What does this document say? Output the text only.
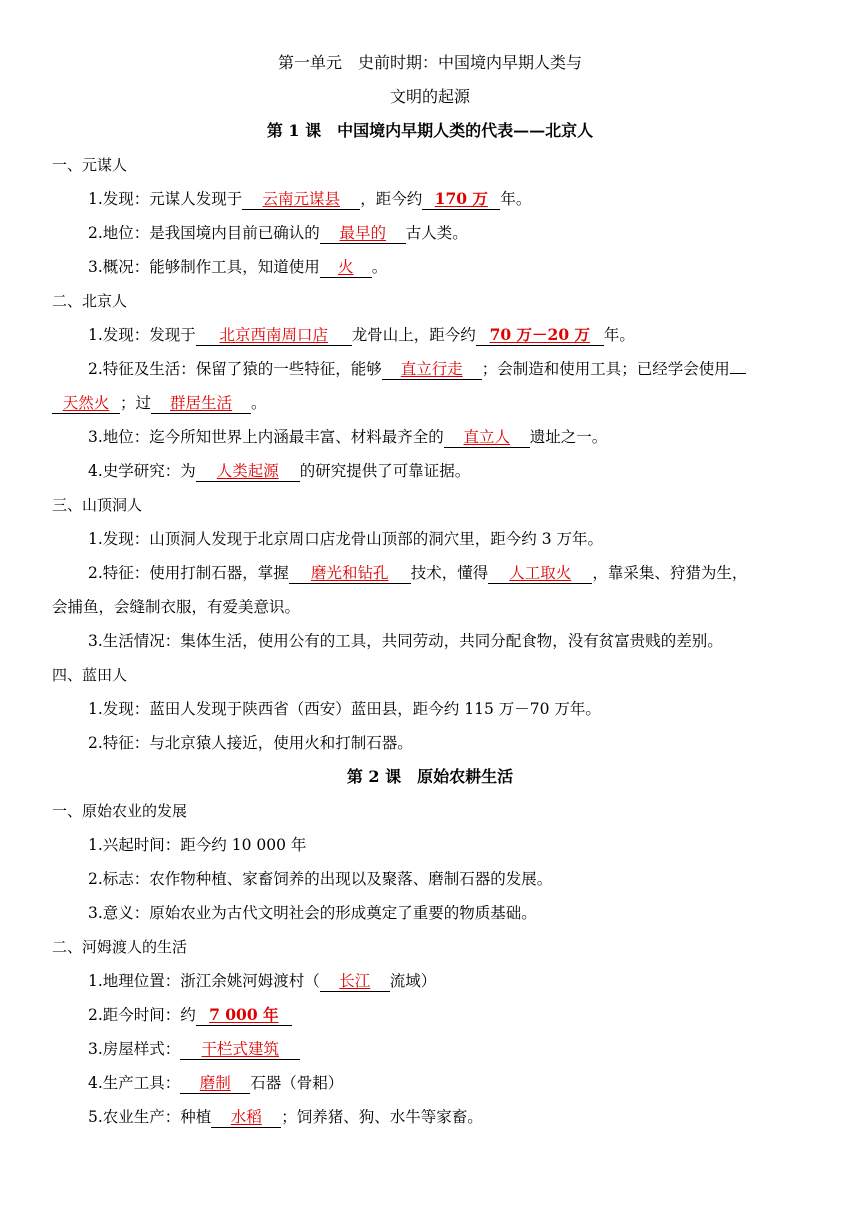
第一单元　史前时期：中国境内早期人类与
文明的起源
第 1 课　中国境内早期人类的代表——北京人
一、元谋人
1.发现：元谋人发现于 云南元谋县 ，距今约 170 万 年。
2.地位：是我国境内目前已确认的 最早的 古人类。
3.概况：能够制作工具，知道使用 火 。
二、北京人
1.发现：发现于 北京西南周口店 龙骨山上，距今约 70 万－20 万 年。
2.特征及生活：保留了猿的一些特征，能够 直立行走 ；会制造和使用工具；已经学会使用
天然火 ；过 群居生活 。
3.地位：迄今所知世界上内涵最丰富、材料最齐全的 直立人 遗址之一。
4.史学研究：为 人类起源 的研究提供了可靠证据。
三、山顶洞人
1.发现：山顶洞人发现于北京周口店龙骨山顶部的洞穴里，距今约 3 万年。
2.特征：使用打制石器，掌握 磨光和钻孔 技术，懂得 人工取火 ，靠采集、狩猎为生，
会捕鱼，会缝制衣服，有爱美意识。
3.生活情况：集体生活，使用公有的工具，共同劳动，共同分配食物，没有贫富贵贱的差别。
四、蓝田人
1.发现：蓝田人发现于陕西省（西安）蓝田县，距今约 115 万－70 万年。
2.特征：与北京猿人接近，使用火和打制石器。
第 2 课　原始农耕生活
一、原始农业的发展
1.兴起时间：距今约 10 000 年
2.标志：农作物种植、家畜饲养的出现以及聚落、磨制石器的发展。
3.意义：原始农业为古代文明社会的形成奠定了重要的物质基础。
二、河姆渡人的生活
1.地理位置：浙江余姚河姆渡村（ 长江 流域）
2.距今时间：约 7 000 年
3.房屋样式： 干栏式建筑
4.生产工具： 磨制 石器（骨耜）
5.农业生产：种植 水稻 ；饲养猪、狗、水牛等家畜。
